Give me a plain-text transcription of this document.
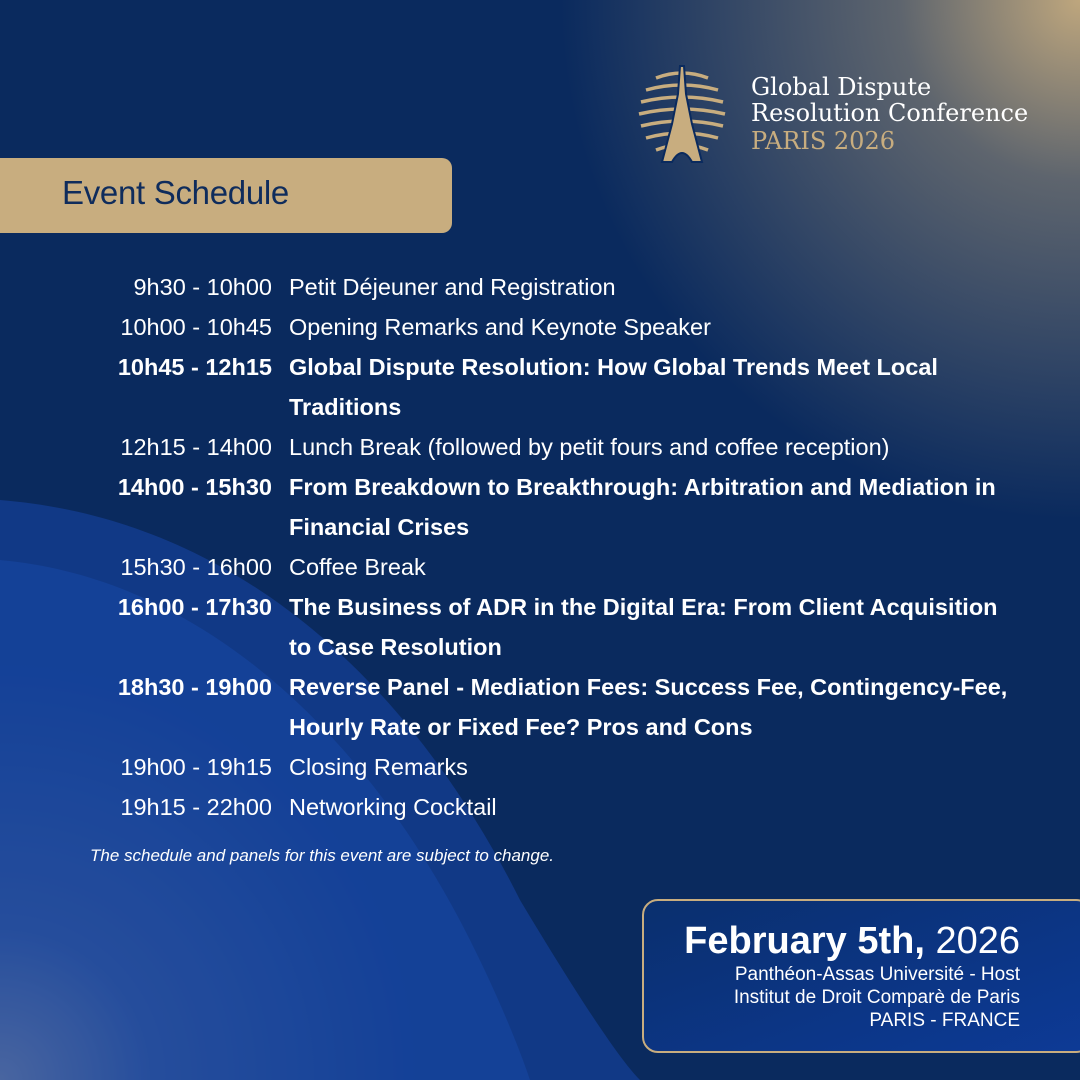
Global Dispute
Resolution Conference
PARIS 2026
Event Schedule
9h30 - 10h00 Petit Déjeuner and Registration
10h00 - 10h45 Opening Remarks and Keynote Speaker
10h45 - 12h15 Global Dispute Resolution: How Global Trends Meet Local Traditions
12h15 - 14h00 Lunch Break (followed by petit fours and coffee reception)
14h00 - 15h30 From Breakdown to Breakthrough: Arbitration and Mediation in Financial Crises
15h30 - 16h00 Coffee Break
16h00 - 17h30 The Business of ADR in the Digital Era: From Client Acquisition to Case Resolution
18h30 - 19h00 Reverse Panel - Mediation Fees: Success Fee, Contingency-Fee, Hourly Rate or Fixed Fee? Pros and Cons
19h00 - 19h15 Closing Remarks
19h15 - 22h00 Networking Cocktail
The schedule and panels for this event are subject to change.
February 5th, 2026
Panthéon-Assas Université - Host
Institut de Droit Comparè de Paris
PARIS - FRANCE
